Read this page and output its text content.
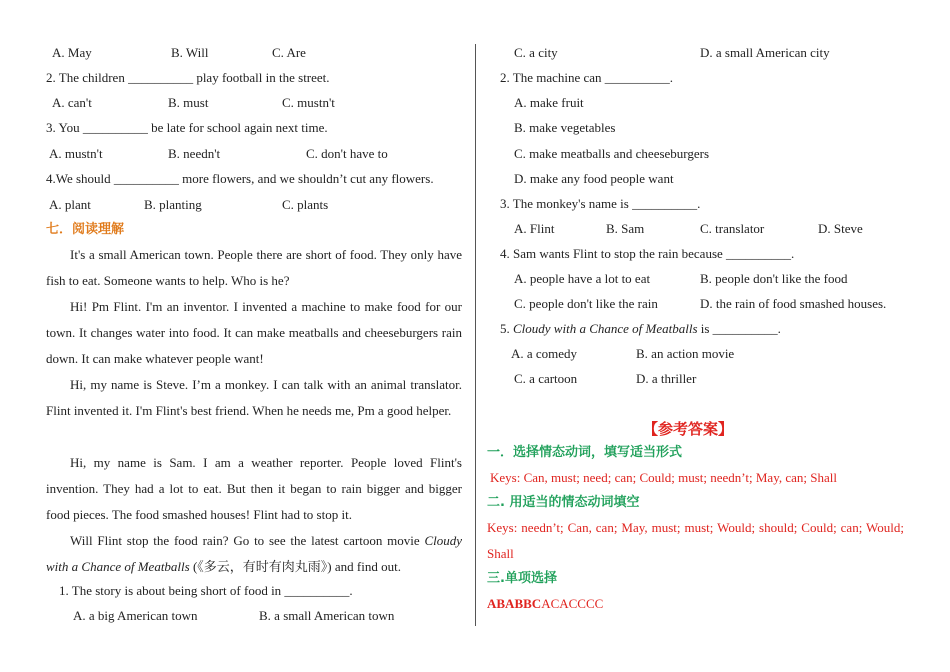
A. May	B. Will	C. Are
2. The children __________ play football in the street.
A. can't	B. must	C. mustn't
3. You __________ be late for school again next time.
A. mustn't	B. needn't	C. don't have to
4.We should __________ more flowers, and we shouldn’t cut any flowers.
A. plant	B. planting	C. plants
七．阅读理解
It's a small American town. People there are short of food. They only have fish to eat. Someone wants to help. Who is he?
Hi! Pm Flint. I'm an inventor. I invented a machine to make food for our town. It changes water into food. It can make meatballs and cheeseburgers rain down. It can make whatever people want!
Hi, my name is Steve. I’m a monkey. I can talk with an animal translator. Flint invented it. I'm Flint's best friend. When he needs me, Pm a good helper.
Hi, my name is Sam. I am a weather reporter. People loved Flint's invention. They had a lot to eat. But then it began to rain bigger and bigger food pieces. The food smashed houses! Flint had to stop it.
Will Flint stop the food rain? Go to see the latest cartoon movie Cloudy with a Chance of Meatballs (《多云，有时有肉丸雨》) and find out.
1. The story is about being short of food in __________.
A. a big American town	B. a small American town
C. a city	D. a small American city
2. The machine can __________.
A. make fruit
B. make vegetables
C. make meatballs and cheeseburgers
D. make any food people want
3. The monkey's name is __________.
A. Flint	B. Sam	C. translator	D. Steve
4. Sam wants Flint to stop the rain because __________.
A. people have a lot to eat	B. people don't like the food
C. people don't like the rain	D. the rain of food smashed houses.
5. Cloudy with a Chance of Meatballs is __________.
A. a comedy	B. an action movie
C. a cartoon	D. a thriller
【参考答案】
一．选择情态动词，填写适当形式
Keys: Can, must; need; can; Could; must; needn’t; May, can; Shall
二. 用适当的情态动词填空
Keys: needn’t; Can, can; May, must; must; Would; should; Could; can; Would; Shall
三.单项选择
ABABBCACACCCC
